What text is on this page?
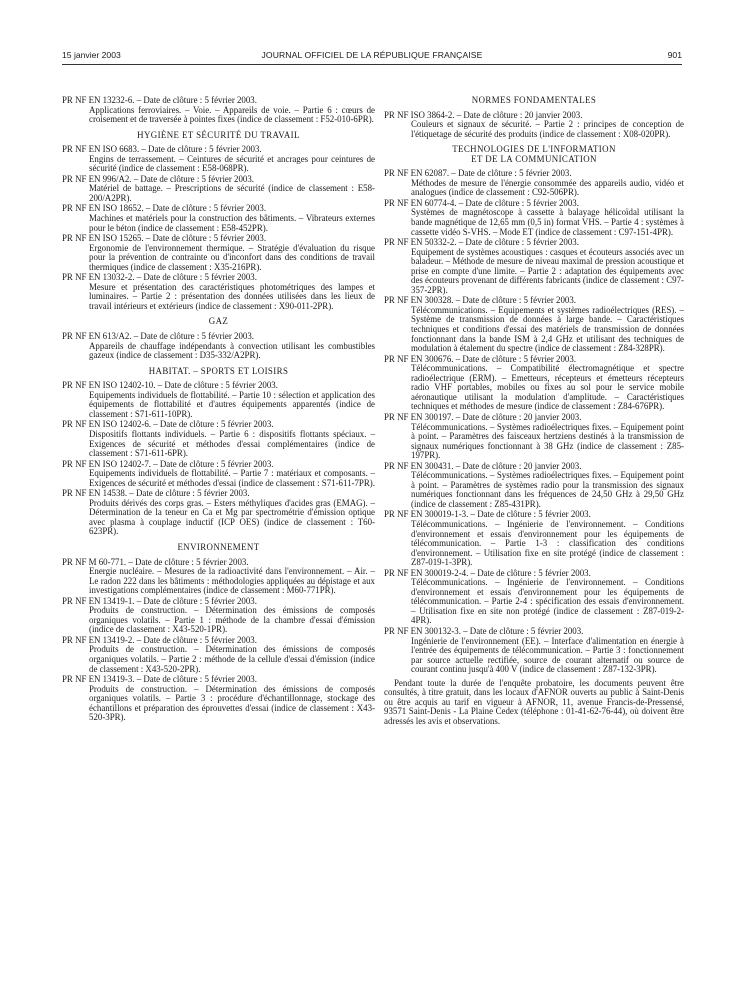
15 janvier 2003	JOURNAL OFFICIEL DE LA RÉPUBLIQUE FRANÇAISE	901
PR NF EN 13232-6. – Date de clôture : 5 février 2003.
Applications ferroviaires. – Voie. – Appareils de voie. – Partie 6 : cœurs de croisement et de traversée à pointes fixes (indice de classement : F52-010-6PR).
HYGIÈNE ET SÉCURITÉ DU TRAVAIL
PR NF EN ISO 6683. – Date de clôture : 5 février 2003.
Engins de terrassement. – Ceintures de sécurité et ancrages pour ceintures de sécurité (indice de classement : E58-068PR).
PR NF EN 996/A2. – Date de clôture : 5 février 2003.
Matériel de battage. – Prescriptions de sécurité (indice de classement : E58-200/A2PR).
PR NF EN ISO 18652. – Date de clôture : 5 février 2003.
Machines et matériels pour la construction des bâtiments. – Vibrateurs externes pour le béton (indice de classement : E58-452PR).
PR NF EN ISO 15265. – Date de clôture : 5 février 2003.
Ergonomie de l'environnement thermique. – Stratégie d'évaluation du risque pour la prévention de contrainte ou d'inconfort dans des conditions de travail thermiques (indice de classement : X35-216PR).
PR NF EN 13032-2. – Date de clôture : 5 février 2003.
Mesure et présentation des caractéristiques photométriques des lampes et luminaires. – Partie 2 : présentation des données utilisées dans les lieux de travail intérieurs et extérieurs (indice de classement : X90-011-2PR).
GAZ
PR NF EN 613/A2. – Date de clôture : 5 février 2003.
Appareils de chauffage indépendants à convection utilisant les combustibles gazeux (indice de classement : D35-332/A2PR).
HABITAT. – SPORTS ET LOISIRS
PR NF EN ISO 12402-10. – Date de clôture : 5 février 2003.
Equipements individuels de flottabilité. – Partie 10 : sélection et application des équipements de flottabilité et d'autres équipements apparentés (indice de classement : S71-611-10PR).
PR NF EN ISO 12402-6. – Date de clôture : 5 février 2003.
Dispositifs flottants individuels. – Partie 6 : dispositifs flottants spéciaux. – Exigences de sécurité et méthodes d'essai complémentaires (indice de classement : S71-611-6PR).
PR NF EN ISO 12402-7. – Date de clôture : 5 février 2003.
Equipements individuels de flottabilité. – Partie 7 : matériaux et composants. – Exigences de sécurité et méthodes d'essai (indice de classement : S71-611-7PR).
PR NF EN 14538. – Date de clôture : 5 février 2003.
Produits dérivés des corps gras. – Esters méthyliques d'acides gras (EMAG). – Détermination de la teneur en Ca et Mg par spectrométrie d'émission optique avec plasma à couplage inductif (ICP OES) (indice de classement : T60-623PR).
ENVIRONNEMENT
PR NF M 60-771. – Date de clôture : 5 février 2003.
Energie nucléaire. – Mesures de la radioactivité dans l'environnement. – Air. – Le radon 222 dans les bâtiments : méthodologies appliquées au dépistage et aux investigations complémentaires (indice de classement : M60-771PR).
PR NF EN 13419-1. – Date de clôture : 5 février 2003.
Produits de construction. – Détermination des émissions de composés organiques volatils. – Partie 1 : méthode de la chambre d'essai d'émission (indice de classement : X43-520-1PR).
PR NF EN 13419-2. – Date de clôture : 5 février 2003.
Produits de construction. – Détermination des émissions de composés organiques volatils. – Partie 2 : méthode de la cellule d'essai d'émission (indice de classement : X43-520-2PR).
PR NF EN 13419-3. – Date de clôture : 5 février 2003.
Produits de construction. – Détermination des émissions de composés organiques volatils. – Partie 3 : procédure d'échantillonnage, stockage des échantillons et préparation des éprouvettes d'essai (indice de classement : X43-520-3PR).
NORMES FONDAMENTALES
PR NF ISO 3864-2. – Date de clôture : 20 janvier 2003.
Couleurs et signaux de sécurité. – Partie 2 : principes de conception de l'étiquetage de sécurité des produits (indice de classement : X08-020PR).
TECHNOLOGIES DE L'INFORMATION
ET DE LA COMMUNICATION
PR NF EN 62087. – Date de clôture : 5 février 2003.
Méthodes de mesure de l'énergie consommée des appareils audio, vidéo et analogues (indice de classement : C92-506PR).
PR NF EN 60774-4. – Date de clôture : 5 février 2003.
Systèmes de magnétoscope à cassette à balayage hélicoïdal utilisant la bande magnétique de 12,65 mm (0,5 in) format VHS. – Partie 4 : systèmes à cassette vidéo S-VHS. – Mode ET (indice de classement : C97-151-4PR).
PR NF EN 50332-2. – Date de clôture : 5 février 2003.
Equipement de systèmes acoustiques : casques et écouteurs associés avec un baladeur. – Méthode de mesure de niveau maximal de pression acoustique et prise en compte d'une limite. – Partie 2 : adaptation des équipements avec des écouteurs provenant de différents fabricants (indice de classement : C97-357-2PR).
PR NF EN 300328. – Date de clôture : 5 février 2003.
Télécommunications. – Equipements et systèmes radioélectriques (RES). – Système de transmission de données à large bande. – Caractéristiques techniques et conditions d'essai des matériels de transmission de données fonctionnant dans la bande ISM à 2,4 GHz et utilisant des techniques de modulation à étalement du spectre (indice de classement : Z84-328PR).
PR NF EN 300676. – Date de clôture : 5 février 2003.
Télécommunications. – Compatibilité électromagnétique et spectre radioélectrique (ERM). – Emetteurs, récepteurs et émetteurs récepteurs radio VHF portables, mobiles ou fixes au sol pour le service mobile aéronautique utilisant la modulation d'amplitude. – Caractéristiques techniques et méthodes de mesure (indice de classement : Z84-676PR).
PR NF EN 300197. – Date de clôture : 20 janvier 2003.
Télécommunications. – Systèmes radioélectriques fixes. – Equipement point à point. – Paramètres des faisceaux hertziens destinés à la transmission de signaux numériques fonctionnant à 38 GHz (indice de classement : Z85-197PR).
PR NF EN 300431. – Date de clôture : 20 janvier 2003.
Télécommunications. – Systèmes radioélectriques fixes. – Equipement point à point. – Paramètres de systèmes radio pour la transmission des signaux numériques fonctionnant dans les fréquences de 24,50 GHz à 29,50 GHz (indice de classement : Z85-431PR).
PR NF EN 300019-1-3. – Date de clôture : 5 février 2003.
Télécommunications. – Ingénierie de l'environnement. – Conditions d'environnement et essais d'environnement pour les équipements de télécommunication. – Partie 1-3 : classification des conditions d'environnement. – Utilisation fixe en site protégé (indice de classement : Z87-019-1-3PR).
PR NF EN 300019-2-4. – Date de clôture : 5 février 2003.
Télécommunications. – Ingénierie de l'environnement. – Conditions d'environnement et essais d'environnement pour les équipements de télécommunication. – Partie 2-4 : spécification des essais d'environnement. – Utilisation fixe en site non protégé (indice de classement : Z87-019-2-4PR).
PR NF EN 300132-3. – Date de clôture : 5 février 2003.
Ingénierie de l'environnement (EE). – Interface d'alimentation en énergie à l'entrée des équipements de télécommunication. – Partie 3 : fonctionnement par source actuelle rectifiée, source de courant alternatif ou source de courant continu jusqu'à 400 V (indice de classement : Z87-132-3PR).
Pendant toute la durée de l'enquête probatoire, les documents peuvent être consultés, à titre gratuit, dans les locaux d'AFNOR ouverts au public à Saint-Denis ou être acquis au tarif en vigueur à AFNOR, 11, avenue Francis-de-Pressensé, 93571 Saint-Denis - La Plaine Cedex (téléphone : 01-41-62-76-44), où doivent être adressés les avis et observations.
